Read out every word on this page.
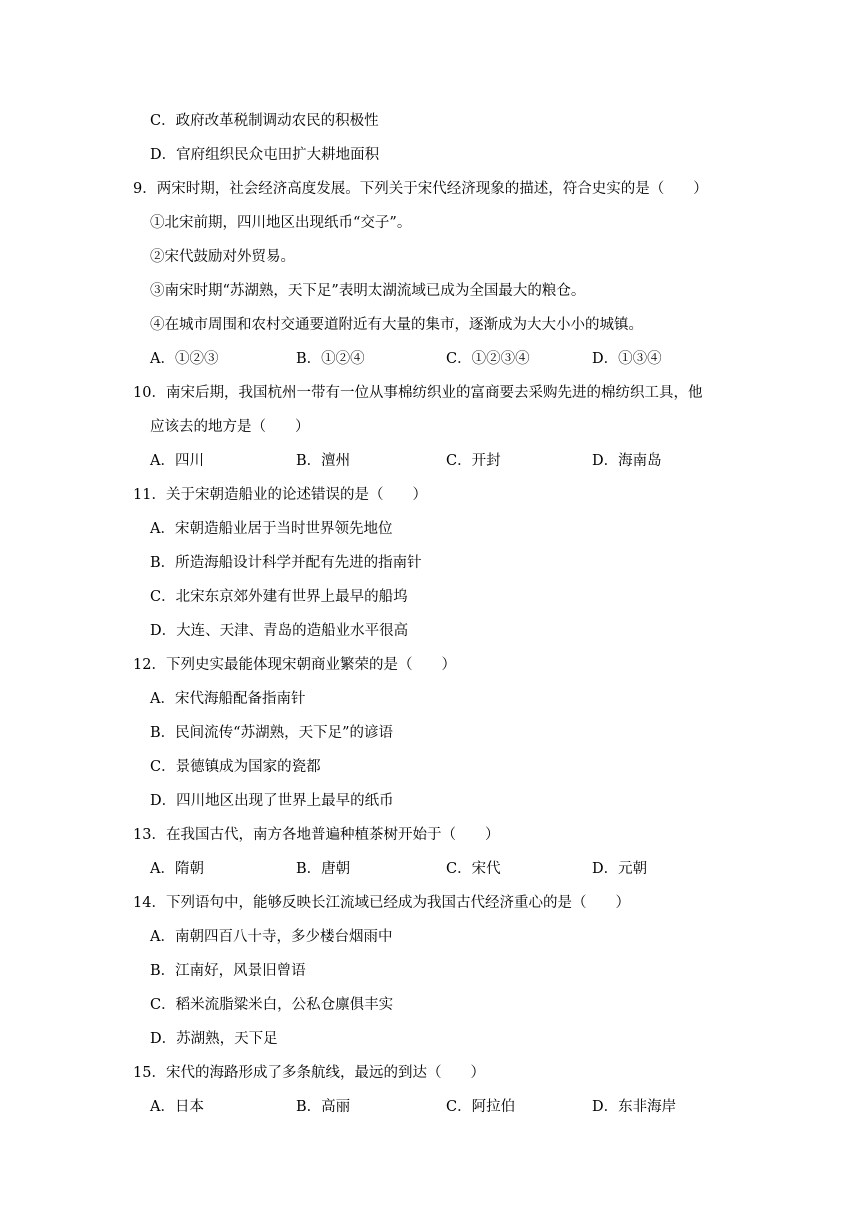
C．政府改革税制调动农民的积极性
D．官府组织民众屯田扩大耕地面积
9．两宋时期，社会经济高度发展。下列关于宋代经济现象的描述，符合史实的是（　　）
①北宋前期，四川地区出现纸币“交子”。
②宋代鼓励对外贸易。
③南宋时期“苏湖熟，天下足”表明太湖流域已成为全国最大的粮仓。
④在城市周围和农村交通要道附近有大量的集市，逐渐成为大大小小的城镇。
A．①②③	B．①②④	C．①②③④	D．①③④
10．南宋后期，我国杭州一带有一位从事棉纺织业的富商要去采购先进的棉纺织工具，他
应该去的地方是（　　）
A．四川	B．澶州	C．开封	D．海南岛
11．关于宋朝造船业的论述错误的是（　　）
A．宋朝造船业居于当时世界领先地位
B．所造海船设计科学并配有先进的指南针
C．北宋东京郊外建有世界上最早的船坞
D．大连、天津、青岛的造船业水平很高
12．下列史实最能体现宋朝商业繁荣的是（　　）
A．宋代海船配备指南针
B．民间流传“苏湖熟，天下足”的谚语
C．景德镇成为国家的瓷都
D．四川地区出现了世界上最早的纸币
13．在我国古代，南方各地普遍种植茶树开始于（　　）
A．隋朝	B．唐朝	C．宋代	D．元朝
14．下列语句中，能够反映长江流域已经成为我国古代经济重心的是（　　）
A．南朝四百八十寺，多少楼台烟雨中
B．江南好，风景旧曾语
C．稻米流脂粱米白，公私仓廪俱丰实
D．苏湖熟，天下足
15．宋代的海路形成了多条航线，最远的到达（　　）
A．日本	B．高丽	C．阿拉伯	D．东非海岸
